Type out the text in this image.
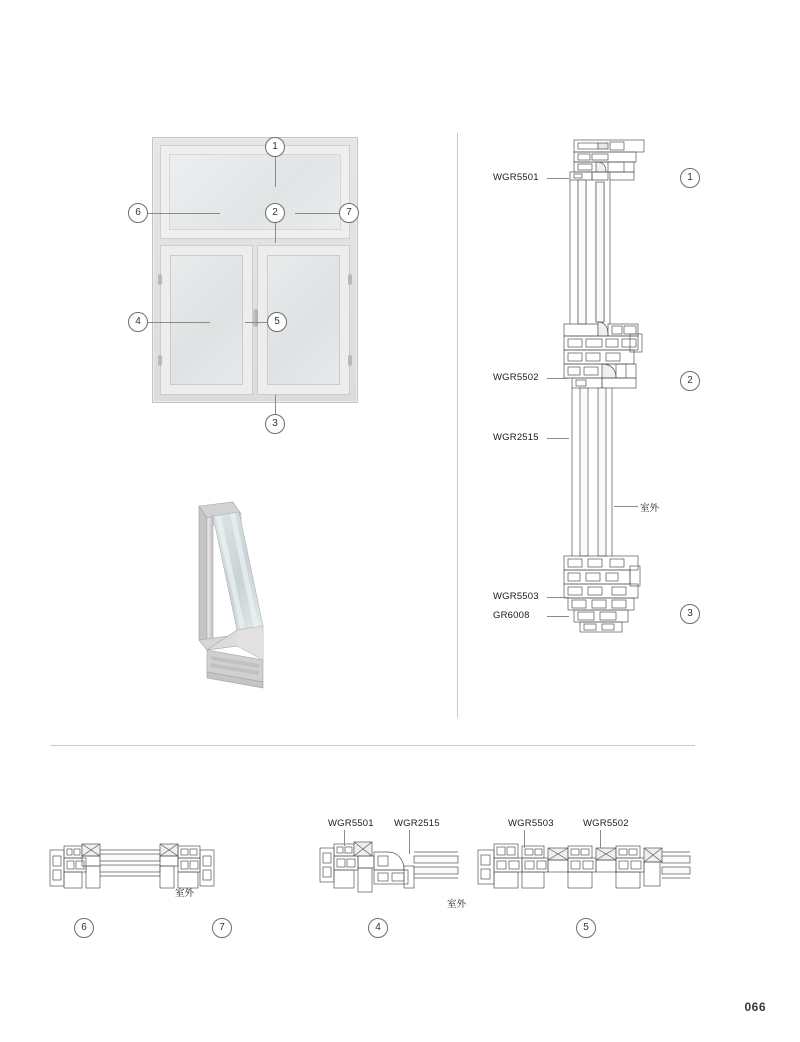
1
2
3
4	5
6	7
WGR5501
WGR5502
WGR2515
WGR5503
GR6008
室外
1
2
3
室外
6	7
WGR5501 WGR2515
室外
4
WGR5503	WGR5502
5
066
